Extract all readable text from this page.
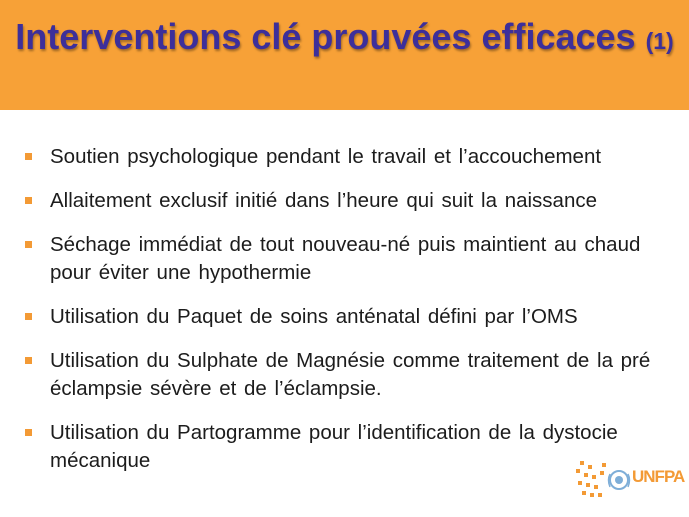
Interventions clé prouvées efficaces (1)
Soutien psychologique pendant le travail et l’accouchement
Allaitement exclusif initié dans l’heure qui suit la naissance
Séchage immédiat de tout nouveau-né puis maintient au chaud pour éviter une hypothermie
Utilisation du Paquet de soins anténatal défini par l’OMS
Utilisation du Sulphate de Magnésie comme traitement de la pré éclampsie sévère et de l’éclampsie.
Utilisation du Partogramme pour l’identification de la dystocie mécanique
UNFPA
